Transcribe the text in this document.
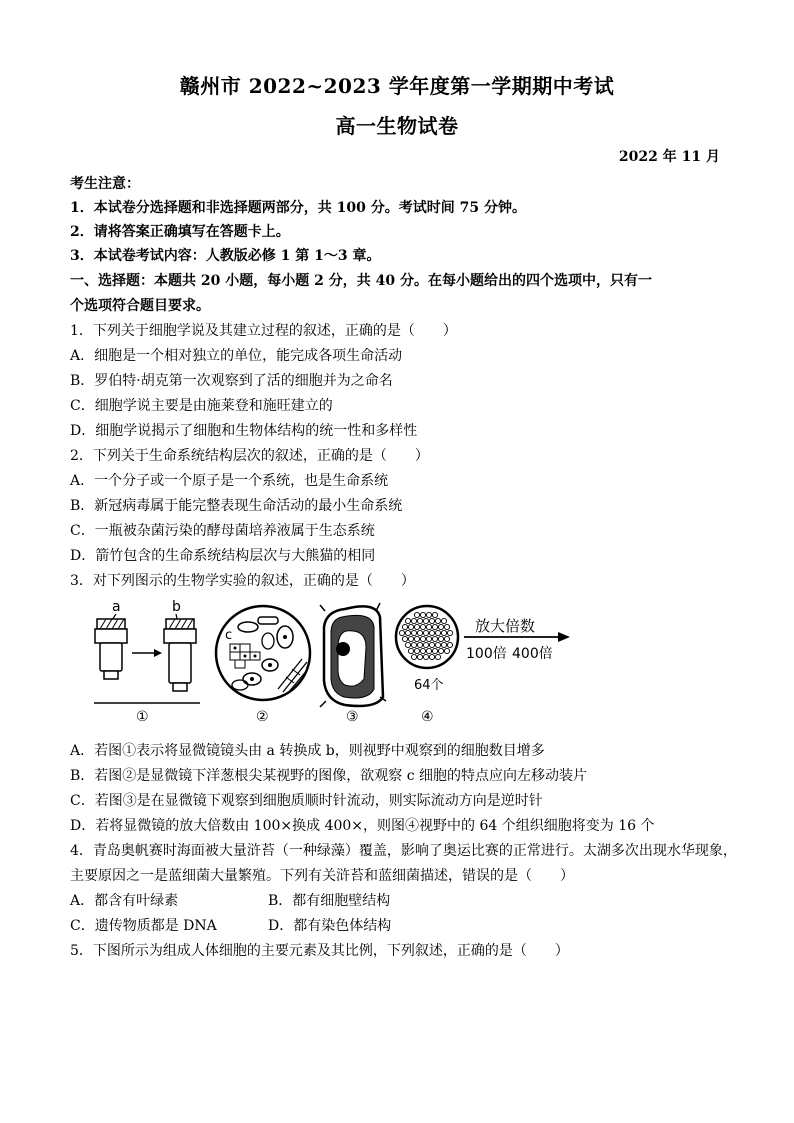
赣州市 2022~2023 学年度第一学期期中考试
高一生物试卷
2022 年 11 月
考生注意：
1．本试卷分选择题和非选择题两部分，共 100 分。考试时间 75 分钟。
2．请将答案正确填写在答题卡上。
3．本试卷考试内容：人教版必修 1 第 1～3 章。
一、选择题：本题共 20 小题，每小题 2 分，共 40 分。在每小题给出的四个选项中，只有一
个选项符合题目要求。
1．下列关于细胞学说及其建立过程的叙述，正确的是（　　）
A．细胞是一个相对独立的单位，能完成各项生命活动
B．罗伯特·胡克第一次观察到了活的细胞并为之命名
C．细胞学说主要是由施莱登和施旺建立的
D．细胞学说揭示了细胞和生物体结构的统一性和多样性
2．下列关于生命系统结构层次的叙述，正确的是（　　）
A．一个分子或一个原子是一个系统，也是生命系统
B．新冠病毒属于能完整表现生命活动的最小生命系统
C．一瓶被杂菌污染的酵母菌培养液属于生态系统
D．箭竹包含的生命系统结构层次与大熊猫的相同
3．对下列图示的生物学实验的叙述，正确的是（　　）
a	b
①
c
②	③
64个
④
放大倍数
100倍 400倍
A．若图①表示将显微镜镜头由 a 转换成 b，则视野中观察到的细胞数目增多
B．若图②是显微镜下洋葱根尖某视野的图像，欲观察 c 细胞的特点应向左移动装片
C．若图③是在显微镜下观察到细胞质顺时针流动，则实际流动方向是逆时针
D．若将显微镜的放大倍数由 100×换成 400×，则图④视野中的 64 个组织细胞将变为 16 个
4．青岛奥帆赛时海面被大量浒苔（一种绿藻）覆盖，影响了奥运比赛的正常进行。太湖多次出现水华现象，
主要原因之一是蓝细菌大量繁殖。下列有关浒苔和蓝细菌描述，错误的是（　　）
A．都含有叶绿素	B．都有细胞壁结构
C．遗传物质都是 DNA	D．都有染色体结构
5．下图所示为组成人体细胞的主要元素及其比例，下列叙述，正确的是（　　）
